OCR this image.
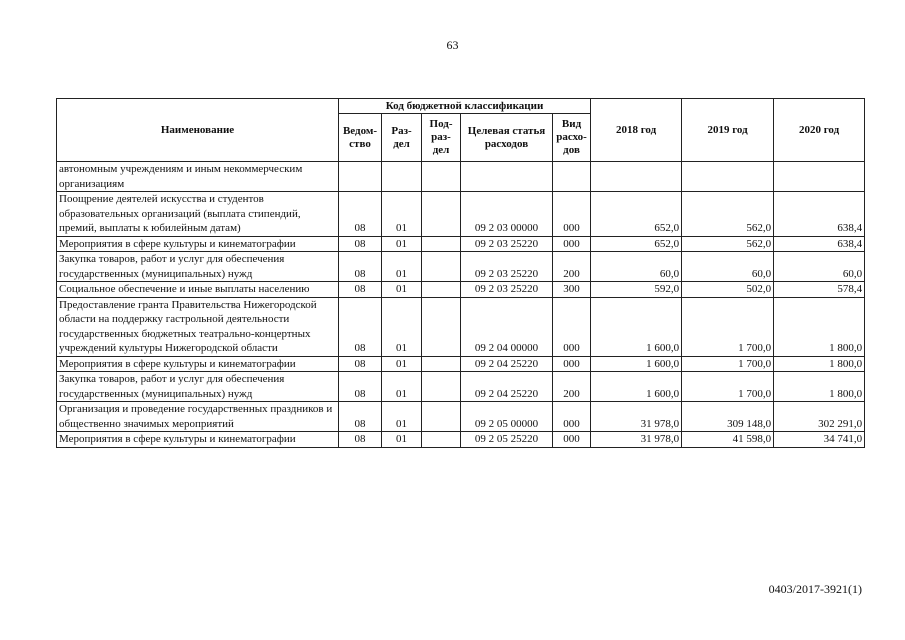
63
Наименование	Код бюджетной классификации					2018 год	2019 год	2020 год
	Ведом-ство	Раз-дел	Под-раз-дел	Целевая статья расходов	Вид расхо-дов			
автономным учреждениям и иным некоммерческим организациям								
Поощрение деятелей искусства и студентов образовательных организаций (выплата стипендий, премий, выплаты к юбилейным датам)	08	01		09 2 03 00000	000	652,0	562,0	638,4
Мероприятия в сфере культуры и кинематографии	08	01		09 2 03 25220	000	652,0	562,0	638,4
Закупка товаров, работ и услуг для обеспечения государственных (муниципальных) нужд	08	01		09 2 03 25220	200	60,0	60,0	60,0
Социальное обеспечение и иные выплаты населению	08	01		09 2 03 25220	300	592,0	502,0	578,4
Предоставление гранта Правительства Нижегородской области на поддержку гастрольной деятельности государственных бюджетных театрально-концертных учреждений культуры Нижегородской области	08	01		09 2 04 00000	000	1 600,0	1 700,0	1 800,0
Мероприятия в сфере культуры и кинематографии	08	01		09 2 04 25220	000	1 600,0	1 700,0	1 800,0
Закупка товаров, работ и услуг для обеспечения государственных (муниципальных) нужд	08	01		09 2 04 25220	200	1 600,0	1 700,0	1 800,0
Организация и проведение государственных праздников и общественно значимых мероприятий	08	01		09 2 05 00000	000	31 978,0	309 148,0	302 291,0
Мероприятия в сфере культуры и кинематографии	08	01		09 2 05 25220	000	31 978,0	41 598,0	34 741,0
0403/2017-3921(1)
